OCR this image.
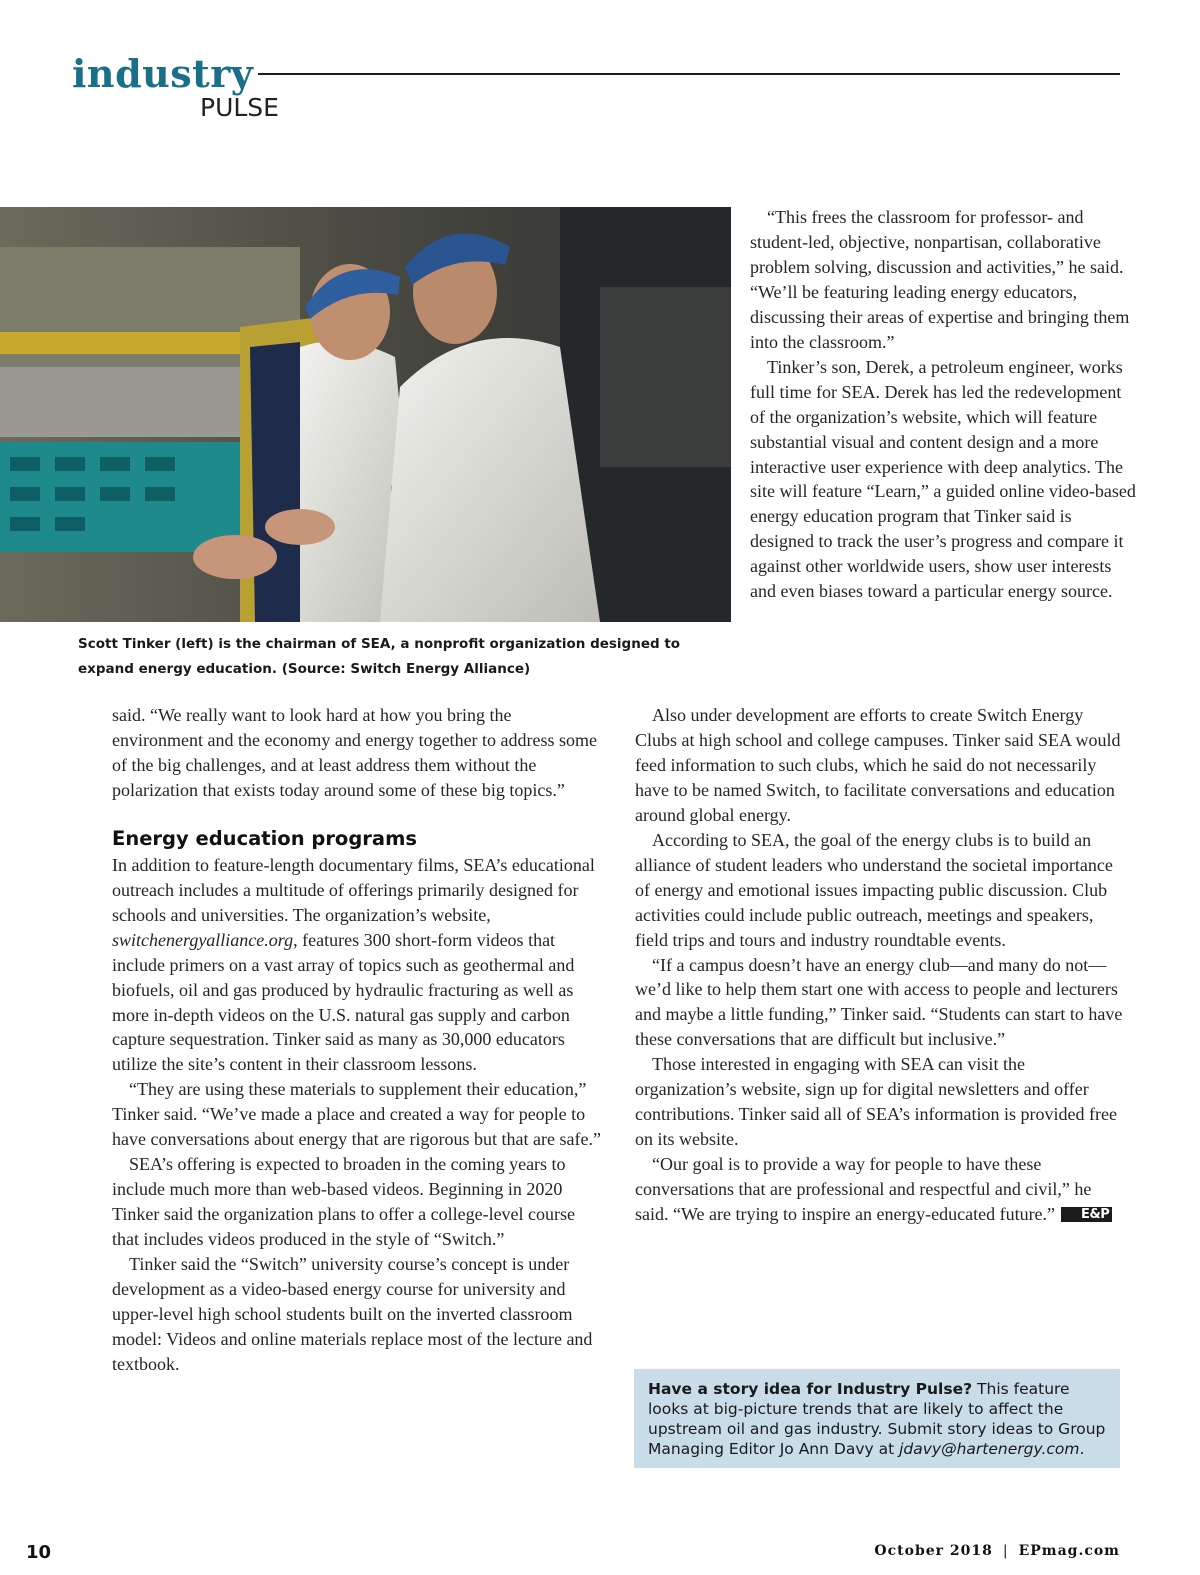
industry
PULSE
Scott Tinker (left) is the chairman of SEA, a nonprofit organization designed to expand energy education. (Source: Switch Energy Alliance)

“This frees the classroom for professor- and student-led, objective, nonpartisan, collaborative problem solving, discussion and activities,” he said. “We’ll be featuring leading energy educators, discussing their areas of expertise and bringing them into the classroom.”

Tinker’s son, Derek, a petroleum engineer, works full time for SEA. Derek has led the redevelopment of the organization’s website, which will feature substantial visual and content design and a more interactive user experience with deep analytics. The site will feature “Learn,” a guided online video-based energy education program that Tinker said is designed to track the user’s progress and compare it against other worldwide users, show user interests and even biases toward a particular energy source.

said. “We really want to look hard at how you bring the environment and the economy and energy together to address some of the big challenges, and at least address them without the polarization that exists today around some of these big topics.”

Energy education programs

In addition to feature-length documentary films, SEA’s educational outreach includes a multitude of offerings primarily designed for schools and universities. The organization’s website, switchenergyalliance.org, features 300 short-form videos that include primers on a vast array of topics such as geothermal and biofuels, oil and gas produced by hydraulic fracturing as well as more in-depth videos on the U.S. natural gas supply and carbon capture sequestration. Tinker said as many as 30,000 educators utilize the site’s content in their classroom lessons.

“They are using these materials to supplement their education,” Tinker said. “We’ve made a place and created a way for people to have conversations about energy that are rigorous but that are safe.”

SEA’s offering is expected to broaden in the coming years to include much more than web-based videos. Beginning in 2020 Tinker said the organization plans to offer a college-level course that includes videos produced in the style of “Switch.”

Tinker said the “Switch” university course’s concept is under development as a video-based energy course for university and upper-level high school students built on the inverted classroom model: Videos and online materials replace most of the lecture and textbook.

Also under development are efforts to create Switch Energy Clubs at high school and college campuses. Tinker said SEA would feed information to such clubs, which he said do not necessarily have to be named Switch, to facilitate conversations and education around global energy.

According to SEA, the goal of the energy clubs is to build an alliance of student leaders who understand the societal importance of energy and emotional issues impacting public discussion. Club activities could include public outreach, meetings and speakers, field trips and tours and industry roundtable events.

“If a campus doesn’t have an energy club—and many do not—we’d like to help them start one with access to people and lecturers and maybe a little funding,” Tinker said. “Students can start to have these conversations that are difficult but inclusive.”

Those interested in engaging with SEA can visit the organization’s website, sign up for digital newsletters and offer contributions. Tinker said all of SEA’s information is provided free on its website.

“Our goal is to provide a way for people to have these conversations that are professional and respectful and civil,” he said. “We are trying to inspire an energy-educated future.” E&P

Have a story idea for Industry Pulse? This feature looks at big-picture trends that are likely to affect the upstream oil and gas industry. Submit story ideas to Group Managing Editor Jo Ann Davy at jdavy@hartenergy.com.
10	October 2018 | EPmag.com
